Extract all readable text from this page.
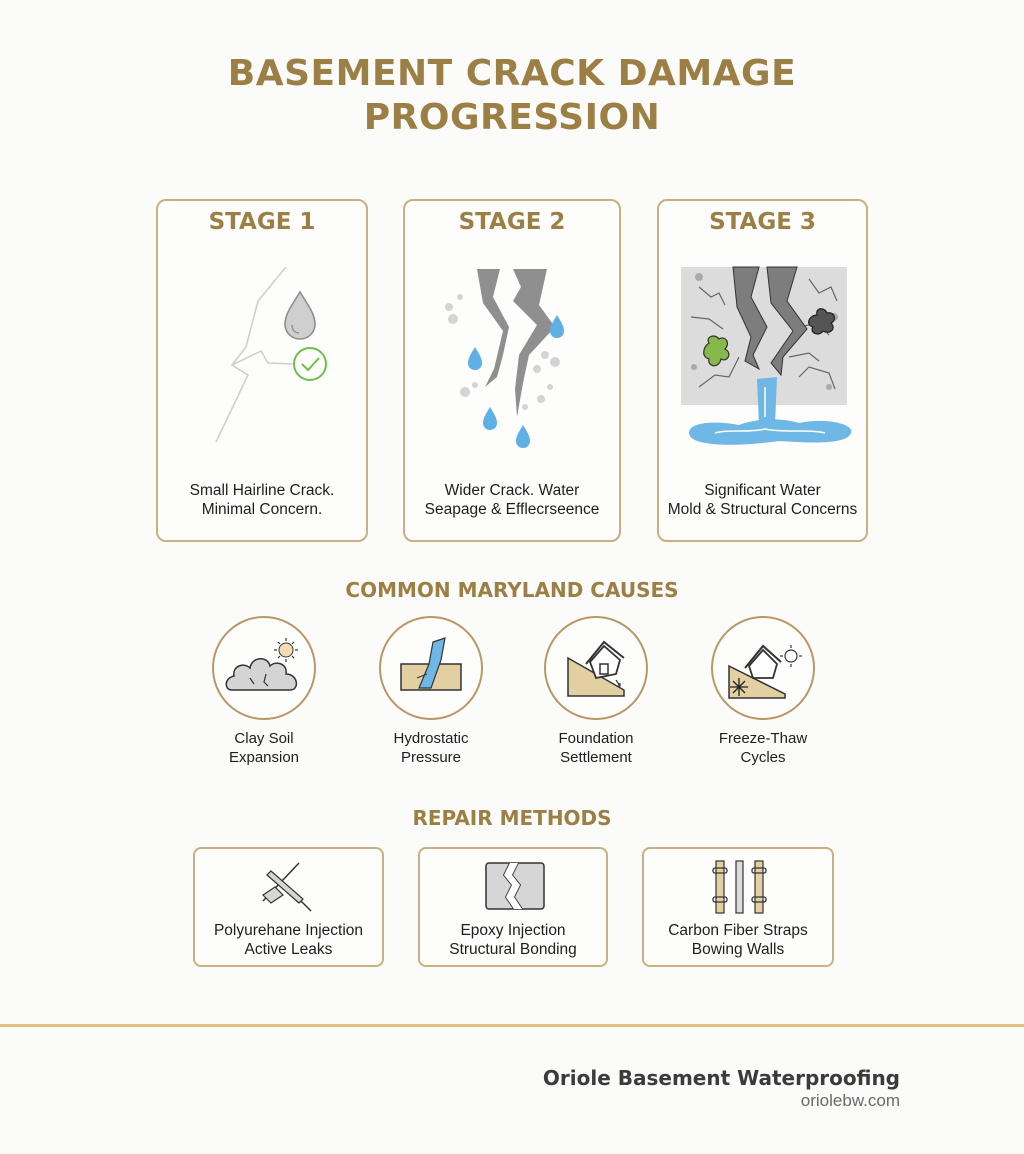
BASEMENT CRACK DAMAGE
PROGRESSION
STAGE 1
Small Hairline Crack.
Minimal Concern.
STAGE 2
Wider Crack. Water
Seapage & Efflecrseence
STAGE 3
Significant Water
Mold & Structural Concerns
COMMON MARYLAND CAUSES
Clay Soil
Expansion
Hydrostatic
Pressure
Foundation
Settlement
Freeze-Thaw
Cycles
REPAIR METHODS
Polyurehane Injection
Active Leaks
Epoxy Injection
Structural Bonding
Carbon Fiber Straps
Bowing Walls
Oriole Basement Waterproofing
oriolebw.com
